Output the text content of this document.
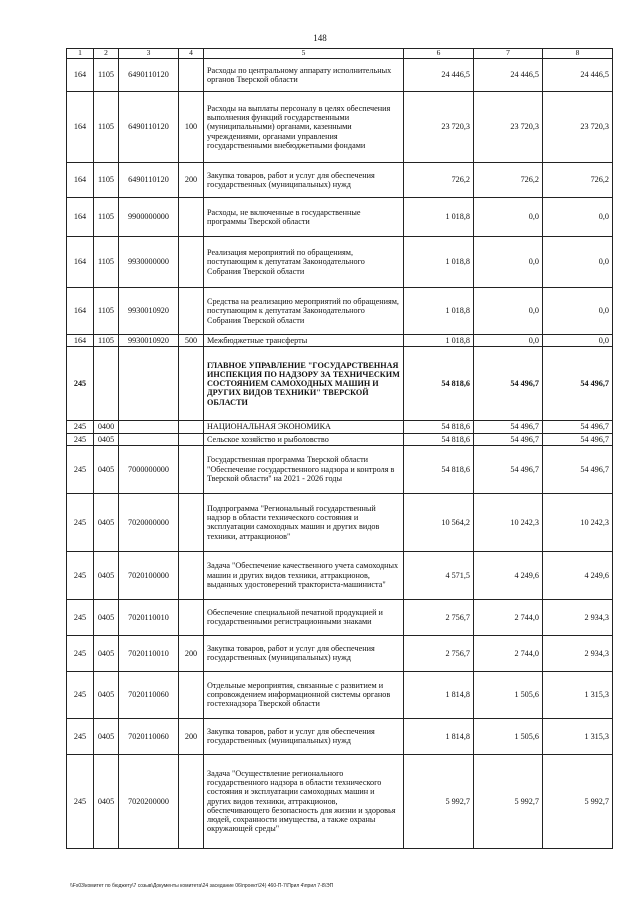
148
1	2	3	4	5	6	7	8
164	1105	6490110120		Расходы по центральному аппарату исполнительных органов Тверской области	24 446,5	24 446,5	24 446,5
164	1105	6490110120	100	Расходы на выплаты персоналу в целях обеспечения выполнения функций государственными (муниципальными) органами, казенными учреждениями, органами управления государственными внебюджетными фондами	23 720,3	23 720,3	23 720,3
164	1105	6490110120	200	Закупка товаров, работ и услуг для обеспечения государственных (муниципальных) нужд	726,2	726,2	726,2
164	1105	9900000000		Расходы, не включенные в государственные программы Тверской области	1 018,8	0,0	0,0
164	1105	9930000000		Реализация мероприятий по обращениям, поступающим к депутатам Законодательного Собрания Тверской области	1 018,8	0,0	0,0
164	1105	9930010920		Средства на реализацию мероприятий по обращениям, поступающим к депутатам Законодательного Собрания Тверской области	1 018,8	0,0	0,0
164	1105	9930010920	500	Межбюджетные трансферты	1 018,8	0,0	0,0
245				ГЛАВНОЕ УПРАВЛЕНИЕ "ГОСУДАРСТВЕННАЯ ИНСПЕКЦИЯ ПО НАДЗОРУ ЗА ТЕХНИЧЕСКИМ СОСТОЯНИЕМ САМОХОДНЫХ МАШИН И ДРУГИХ ВИДОВ ТЕХНИКИ" ТВЕРСКОЙ ОБЛАСТИ	54 818,6	54 496,7	54 496,7
245	0400			НАЦИОНАЛЬНАЯ ЭКОНОМИКА	54 818,6	54 496,7	54 496,7
245	0405			Сельское хозяйство и рыболовство	54 818,6	54 496,7	54 496,7
245	0405	7000000000		Государственная программа Тверской области "Обеспечение государственного надзора и контроля в Тверской области" на 2021 - 2026 годы	54 818,6	54 496,7	54 496,7
245	0405	7020000000		Подпрограмма "Региональный государственный надзор в области технического состояния и эксплуатации самоходных машин и других видов техники, аттракционов"	10 564,2	10 242,3	10 242,3
245	0405	7020100000		Задача "Обеспечение качественного учета самоходных машин и других видов техники, аттракционов, выданных удостоверений тракториста-машиниста"	4 571,5	4 249,6	4 249,6
245	0405	7020110010		Обеспечение специальной печатной продукцией и государственными регистрационными знаками	2 756,7	2 744,0	2 934,3
245	0405	7020110010	200	Закупка товаров, работ и услуг для обеспечения государственных (муниципальных) нужд	2 756,7	2 744,0	2 934,3
245	0405	7020110060		Отдельные мероприятия, связанные с развитием и сопровождением информационной системы органов гостехнадзора Тверской области	1 814,8	1 505,6	1 315,3
245	0405	7020110060	200	Закупка товаров, работ и услуг для обеспечения государственных (муниципальных) нужд	1 814,8	1 505,6	1 315,3
245	0405	7020200000		Задача "Осуществление регионального государственного надзора в области технического состояния и эксплуатации самоходных машин и других видов техники, аттракционов, обеспечивающего безопасность для жизни и здоровья людей, сохранности имущества, а также охраны окружающей среды"	5 992,7	5 992,7	5 992,7
\\Fs03\комитет по бюджету\7 созыв\Документы комитета\24 заседание 06\проект\24) 460-П-7\Прил 4\прил 7-8\ЭП
